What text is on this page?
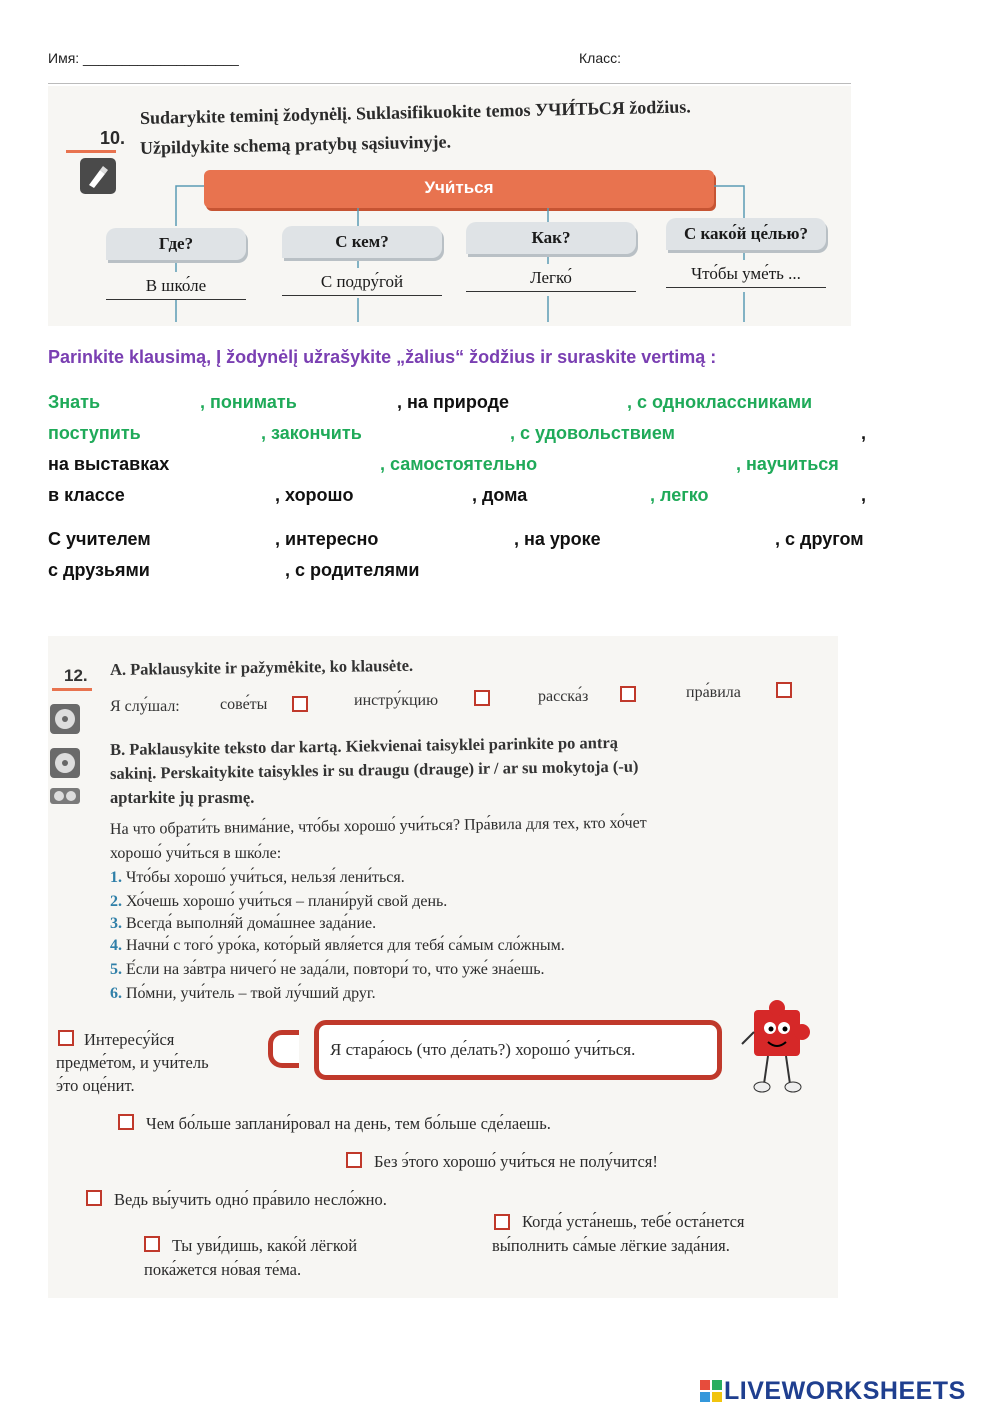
Имя: ____________________	Класс:
10.
Sudarykite teminį žodynėlį. Suklasifikuokite temos УЧИ́ТЬСЯ žodžius.
Užpildykite schemą pratybų sąsiuvinyje.
Учи́ться
Где?	С кем?	Как?	С како́й це́лью?
В шко́ле	С подру́гой	Легко́	Что́бы уме́ть ...
Parinkite klausimą, Į žodynėlį užrašykite „žalius“ žodžius ir suraskite vertimą :
Знать	, понимать	, на природе	, с одноклассниками
поступить	, закончить	, с удовольствием	,
на выставках	, самостоятельно	, научиться
в классе	, хорошо	, дома	, легко	,
С учителем	, интересно	, на уроке	, с другом
с друзьями	, с родителями
12. A. Paklausykite ir pažymėkite, ko klausėte.
Я слу́шал:	сове́ты	инстру́кцию	расска́з	пра́вила
B. Paklausykite teksto dar kartą. Kiekvienai taisyklei parinkite po antrą
sakinį. Perskaitykite taisykles ir su draugu (drauge) ir / ar su mokytoja (-u)
aptarkite jų prasmę.
На что обрати́ть внима́ние, что́бы хорошо́ учи́ться? Пра́вила для тех, кто хо́чет
хорошо́ учи́ться в шко́ле:
1. Что́бы хорошо́ учи́ться, нельзя́ лени́ться.
2. Хо́чешь хорошо́ учи́ться – плани́руй свой день.
3. Всегда́ выполня́й дома́шнее зада́ние.
4. Начни́ с того́ уро́ка, кото́рый явля́ется для тебя́ са́мым сло́жным.
5. Е́сли на за́втра ничего́ не зада́ли, повтори́ то, что уже́ зна́ешь.
6. По́мни, учи́тель – твой лу́чший друг.
Я стара́юсь (что де́лать?) хорошо́ учи́ться.
Интересу́йся
предме́том, и учи́тель
э́то оце́нит.
Чем бо́льше заплани́ровал на день, тем бо́льше сде́лаешь.
Без э́того хорошо́ учи́ться не полу́чится!
Ведь вы́учить одно́ пра́вило несло́жно.
Ты уви́дишь, како́й лёгкой
пока́жется но́вая те́ма.
Когда́ уста́нешь, тебе́ оста́нется
вы́полнить са́мые лёгкие зада́ния.
LIVEWORKSHEETS
